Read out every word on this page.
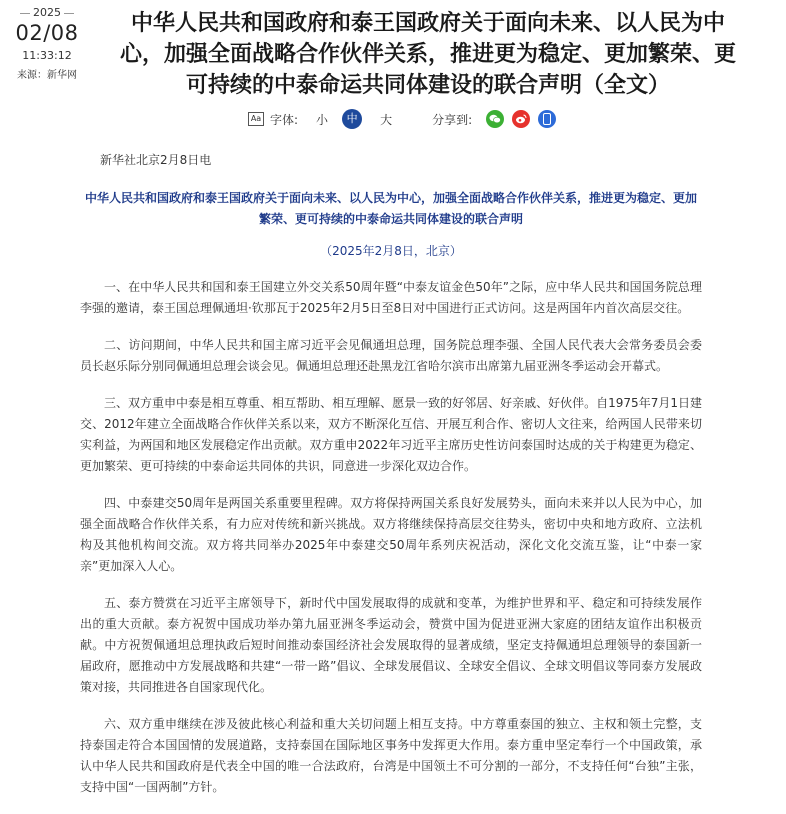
2025
02/08
11:33:12
来源：新华网
中华人民共和国政府和泰王国政府关于面向未来、以人民为中心，加强全面战略合作伙伴关系，推进更为稳定、更加繁荣、更可持续的中泰命运共同体建设的联合声明（全文）
Aa 字体: 小	中	大	分享到:

新华社北京2月8日电

中华人民共和国政府和泰王国政府关于面向未来、以人民为中心，加强全面战略合作伙伴关系，推进更为稳定、更加繁荣、更可持续的中泰命运共同体建设的联合声明

（2025年2月8日，北京）

一、在中华人民共和国和泰王国建立外交关系50周年暨“中泰友谊金色50年”之际，应中华人民共和国国务院总理李强的邀请，泰王国总理佩通坦·钦那瓦于2025年2月5日至8日对中国进行正式访问。这是两国年内首次高层交往。

二、访问期间，中华人民共和国主席习近平会见佩通坦总理，国务院总理李强、全国人民代表大会常务委员会委员长赵乐际分别同佩通坦总理会谈会见。佩通坦总理还赴黑龙江省哈尔滨市出席第九届亚洲冬季运动会开幕式。

三、双方重申中泰是相互尊重、相互帮助、相互理解、愿景一致的好邻居、好亲戚、好伙伴。自1975年7月1日建交、2012年建立全面战略合作伙伴关系以来，双方不断深化互信、开展互利合作、密切人文往来，给两国人民带来切实利益，为两国和地区发展稳定作出贡献。双方重申2022年习近平主席历史性访问泰国时达成的关于构建更为稳定、更加繁荣、更可持续的中泰命运共同体的共识，同意进一步深化双边合作。

四、中泰建交50周年是两国关系重要里程碑。双方将保持两国关系良好发展势头，面向未来并以人民为中心，加强全面战略合作伙伴关系，有力应对传统和新兴挑战。双方将继续保持高层交往势头，密切中央和地方政府、立法机构及其他机构间交流。双方将共同举办2025年中泰建交50周年系列庆祝活动，深化文化交流互鉴，让“中泰一家亲”更加深入人心。

五、泰方赞赏在习近平主席领导下，新时代中国发展取得的成就和变革，为维护世界和平、稳定和可持续发展作出的重大贡献。泰方祝贺中国成功举办第九届亚洲冬季运动会，赞赏中国为促进亚洲大家庭的团结友谊作出积极贡献。中方祝贺佩通坦总理执政后短时间推动泰国经济社会发展取得的显著成绩，坚定支持佩通坦总理领导的泰国新一届政府，愿推动中方发展战略和共建“一带一路”倡议、全球发展倡议、全球安全倡议、全球文明倡议等同泰方发展政策对接，共同推进各自国家现代化。

六、双方重申继续在涉及彼此核心利益和重大关切问题上相互支持。中方尊重泰国的独立、主权和领土完整，支持泰国走符合本国国情的发展道路，支持泰国在国际地区事务中发挥更大作用。泰方重申坚定奉行一个中国政策，承认中华人民共和国政府是代表全中国的唯一合法政府，台湾是中国领土不可分割的一部分，不支持任何“台独”主张，支持中国“一国两制”方针。
